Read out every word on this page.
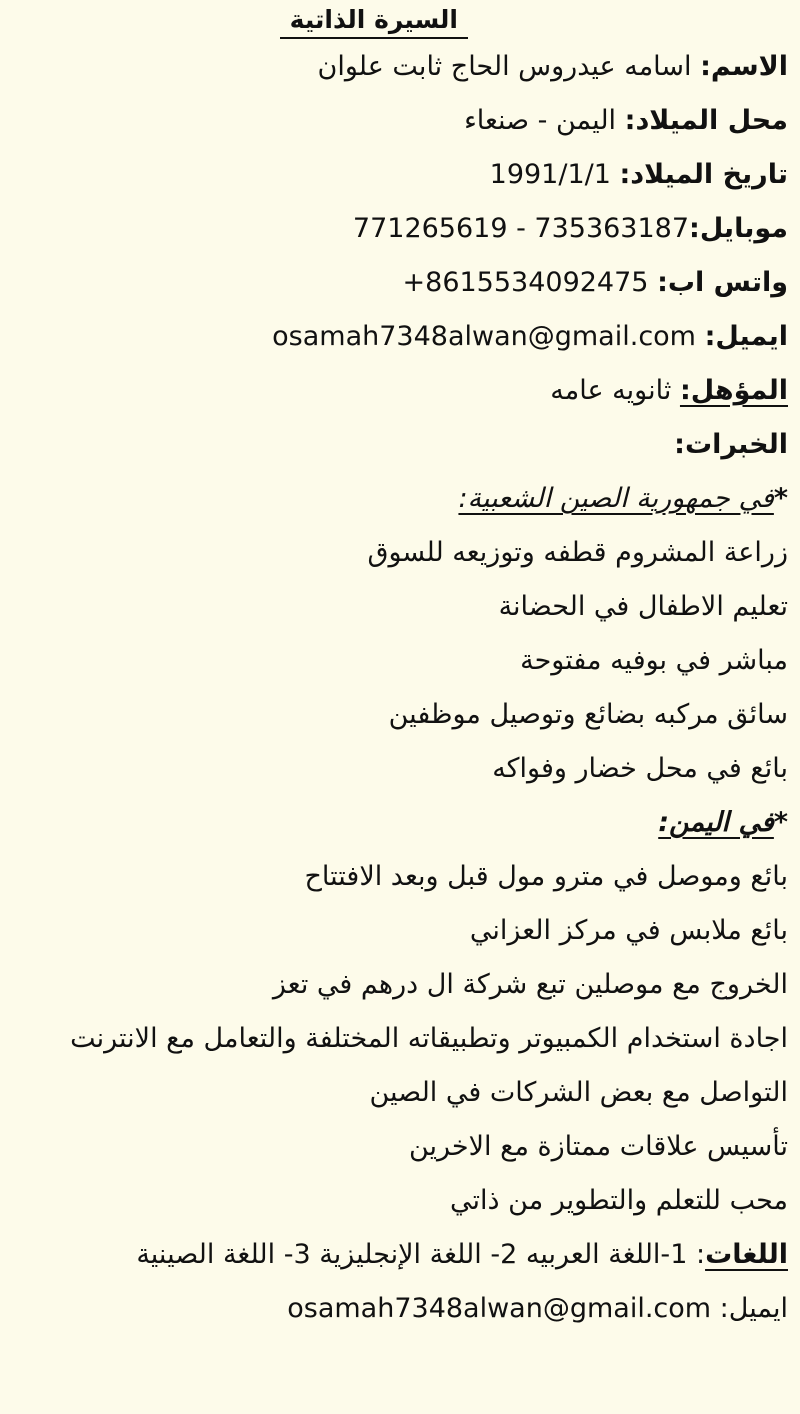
السيرة الذاتية
الاسم: اسامه عيدروس الحاج ثابت علوان
محل الميلاد: اليمن - صنعاء
تاريخ الميلاد: 1991/1/1
موبايل:771265619 - 735363187
واتس اب: +8615534092475
ايميل: osamah7348alwan@gmail.com
المؤهل: ثانويه عامه
الخبرات:
*في جمهورية الصين الشعبية:
زراعة المشروم قطفه وتوزيعه للسوق
تعليم الاطفال في الحضانة
مباشر في بوفيه مفتوحة
سائق مركبه بضائع وتوصيل موظفين
بائع في محل خضار وفواكه
*في اليمن:
بائع وموصل في مترو مول قبل وبعد الافتتاح
بائع ملابس في مركز العزاني
الخروج مع موصلين تبع شركة ال درهم في تعز
اجادة استخدام الكمبيوتر وتطبيقاته المختلفة والتعامل مع الانترنت
التواصل مع بعض الشركات في الصين
تأسيس علاقات ممتازة مع الاخرين
محب للتعلم والتطوير من ذاتي
اللغات: 1-اللغة العربيه 2- اللغة الإنجليزية 3- اللغة الصينية
ايميل: osamah7348alwan@gmail.com
